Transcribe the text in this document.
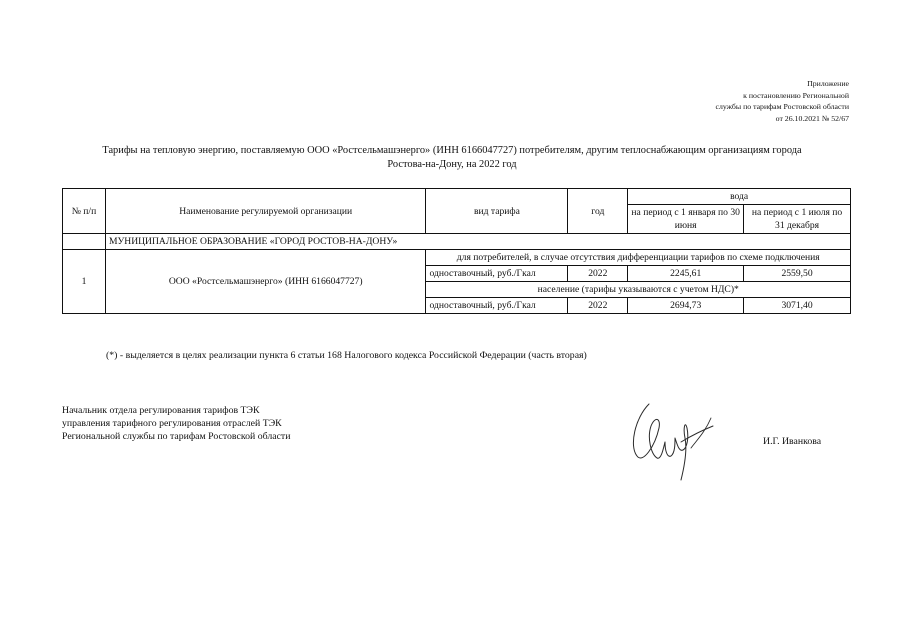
Приложение
к постановлению Региональной
службы по тарифам Ростовской области
от 26.10.2021 № 52/67
Тарифы на тепловую энергию, поставляемую ООО «Ростсельмашэнерго» (ИНН 6166047727) потребителям, другим теплоснабжающим организациям города
Ростова-на-Дону, на 2022 год
№ п/п	Наименование регулируемой организации	вид тарифа	год	вода	
				на период с 1 января по 30 июня	на период с 1 июля по 31 декабря
	МУНИЦИПАЛЬНОЕ ОБРАЗОВАНИЕ «ГОРОД РОСТОВ-НА-ДОНУ»				
1	ООО «Ростсельмашэнерго» (ИНН 6166047727)	для потребителей, в случае отсутствия дифференциации тарифов по схеме подключения			
		одноставочный, руб./Гкал	2022	2245,61	2559,50
		население (тарифы указываются с учетом НДС)*			
		одноставочный, руб./Гкал	2022	2694,73	3071,40
(*) - выделяется в целях реализации пункта 6 статьи 168 Налогового кодекса Российской Федерации (часть вторая)
Начальник отдела регулирования тарифов ТЭК
управления тарифного регулирования отраслей ТЭК
Региональной службы по тарифам Ростовской области	И.Г. Иванкова
